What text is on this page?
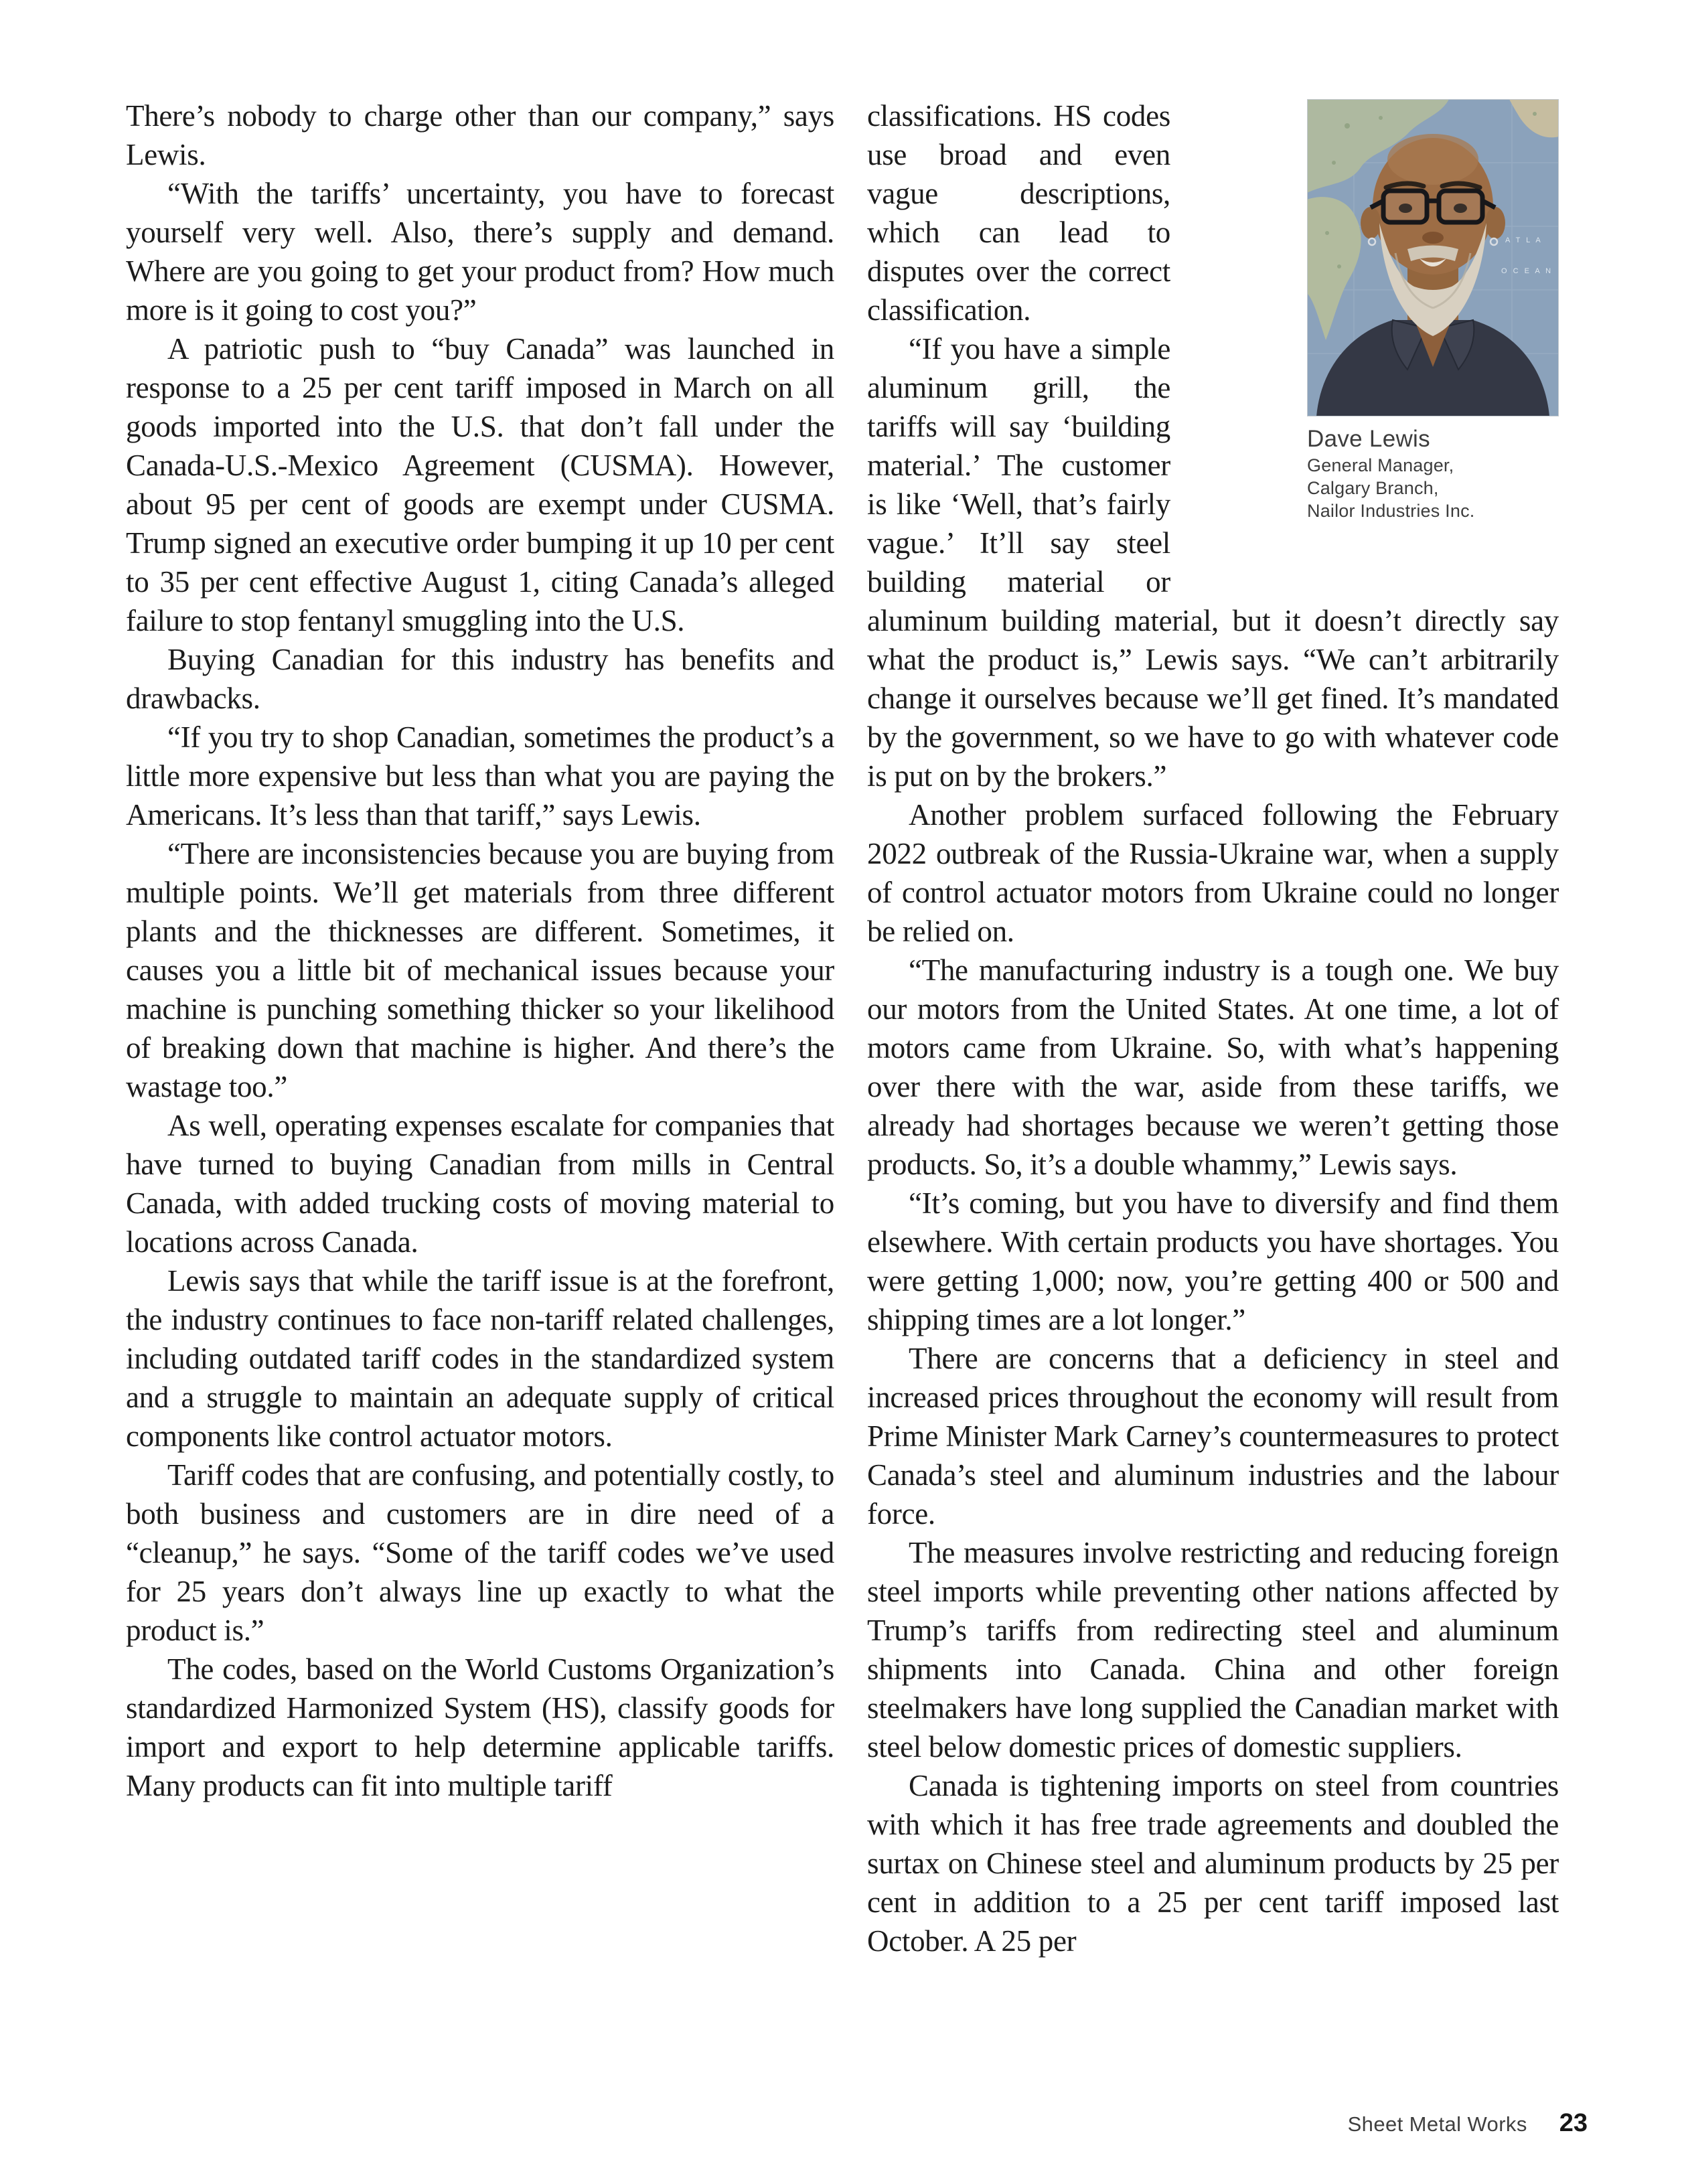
There’s nobody to charge other than our company,” says Lewis.

“With the tariffs’ uncertainty, you have to forecast yourself very well. Also, there’s supply and demand. Where are you going to get your product from? How much more is it going to cost you?”

A patriotic push to “buy Canada” was launched in response to a 25 per cent tariff imposed in March on all goods imported into the U.S. that don’t fall under the Canada-U.S.-Mexico Agreement (CUSMA). However, about 95 per cent of goods are exempt under CUSMA. Trump signed an executive order bumping it up 10 per cent to 35 per cent effective August 1, citing Canada’s alleged failure to stop fentanyl smuggling into the U.S.

Buying Canadian for this industry has benefits and drawbacks.

“If you try to shop Canadian, sometimes the product’s a little more expensive but less than what you are paying the Americans. It’s less than that tariff,” says Lewis.

“There are inconsistencies because you are buying from multiple points. We’ll get materials from three different plants and the thicknesses are different. Sometimes, it causes you a little bit of mechanical issues because your machine is punching something thicker so your likelihood of breaking down that machine is higher. And there’s the wastage too.”

As well, operating expenses escalate for companies that have turned to buying Canadian from mills in Central Canada, with added trucking costs of moving material to locations across Canada.

Lewis says that while the tariff issue is at the forefront, the industry continues to face non-tariff related challenges, including outdated tariff codes in the standardized system and a struggle to maintain an adequate supply of critical components like control actuator motors.

Tariff codes that are confusing, and potentially costly, to both business and customers are in dire need of a “cleanup,” he says. “Some of the tariff codes we’ve used for 25 years don’t always line up exactly to what the product is.”

The codes, based on the World Customs Organization’s standardized Harmonized System (HS), classify goods for import and export to help determine applicable tariffs. Many products can fit into multiple tariff

A T L A
O C E A N
Dave Lewis
General Manager,
Calgary Branch,
Nailor Industries Inc.

classifications. HS codes use broad and even vague descriptions, which can lead to disputes over the correct classification.

“If you have a simple aluminum grill, the tariffs will say ‘building material.’ The customer is like ‘Well, that’s fairly vague.’ It’ll say steel building material or aluminum building material, but it doesn’t directly say what the product is,” Lewis says. “We can’t arbitrarily change it ourselves because we’ll get fined. It’s mandated by the government, so we have to go with whatever code is put on by the brokers.”

Another problem surfaced following the February 2022 outbreak of the Russia-Ukraine war, when a supply of control actuator motors from Ukraine could no longer be relied on.

“The manufacturing industry is a tough one. We buy our motors from the United States. At one time, a lot of motors came from Ukraine. So, with what’s happening over there with the war, aside from these tariffs, we already had shortages because we weren’t getting those products. So, it’s a double whammy,” Lewis says.

“It’s coming, but you have to diversify and find them elsewhere. With certain products you have shortages. You were getting 1,000; now, you’re getting 400 or 500 and shipping times are a lot longer.”

There are concerns that a deficiency in steel and increased prices throughout the economy will result from Prime Minister Mark Carney’s countermeasures to protect Canada’s steel and aluminum industries and the labour force.

The measures involve restricting and reducing foreign steel imports while preventing other nations affected by Trump’s tariffs from redirecting steel and aluminum shipments into Canada. China and other foreign steelmakers have long supplied the Canadian market with steel below domestic prices of domestic suppliers.

Canada is tightening imports on steel from countries with which it has free trade agreements and doubled the surtax on Chinese steel and aluminum products by 25 per cent in addition to a 25 per cent tariff imposed last October. A 25 per

Sheet Metal Works 23
